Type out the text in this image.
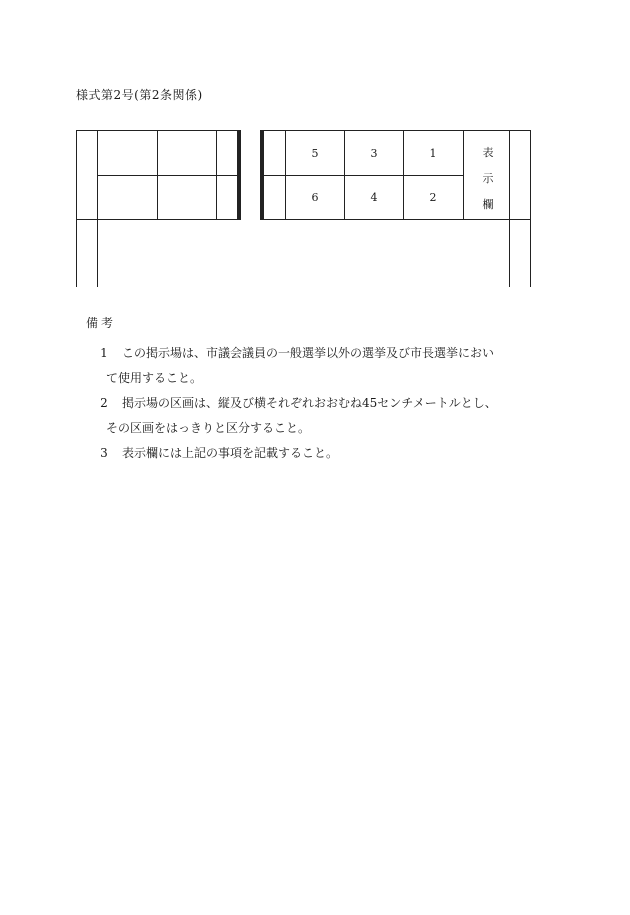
様式第2号(第2条関係)
5	3	1
6	4	2
表
示
欄
備考
1	この掲示場は、市議会議員の一般選挙以外の選挙及び市長選挙におい
て使用すること。
2	掲示場の区画は、縦及び横それぞれおおむね45センチメートルとし、
その区画をはっきりと区分すること。
3	表示欄には上記の事項を記載すること。
